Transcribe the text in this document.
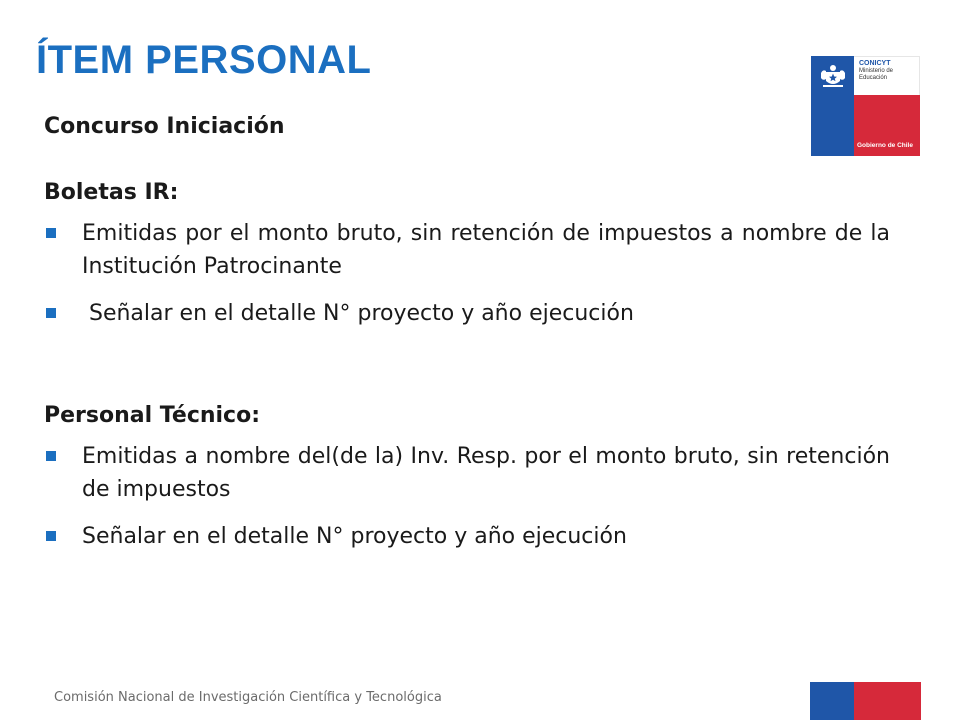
ÍTEM PERSONAL	CONICYT
Ministerio de
Educación
Gobierno de Chile
Concurso Iniciación
Boletas IR:
Emitidas por el monto bruto, sin retención de impuestos a nombre de la Institución Patrocinante
Señalar en el detalle N° proyecto y año ejecución
Personal Técnico:
Emitidas a nombre del(de la) Inv. Resp. por el monto bruto, sin retención de impuestos
Señalar en el detalle N° proyecto y año ejecución
Comisión Nacional de Investigación Científica y Tecnológica
